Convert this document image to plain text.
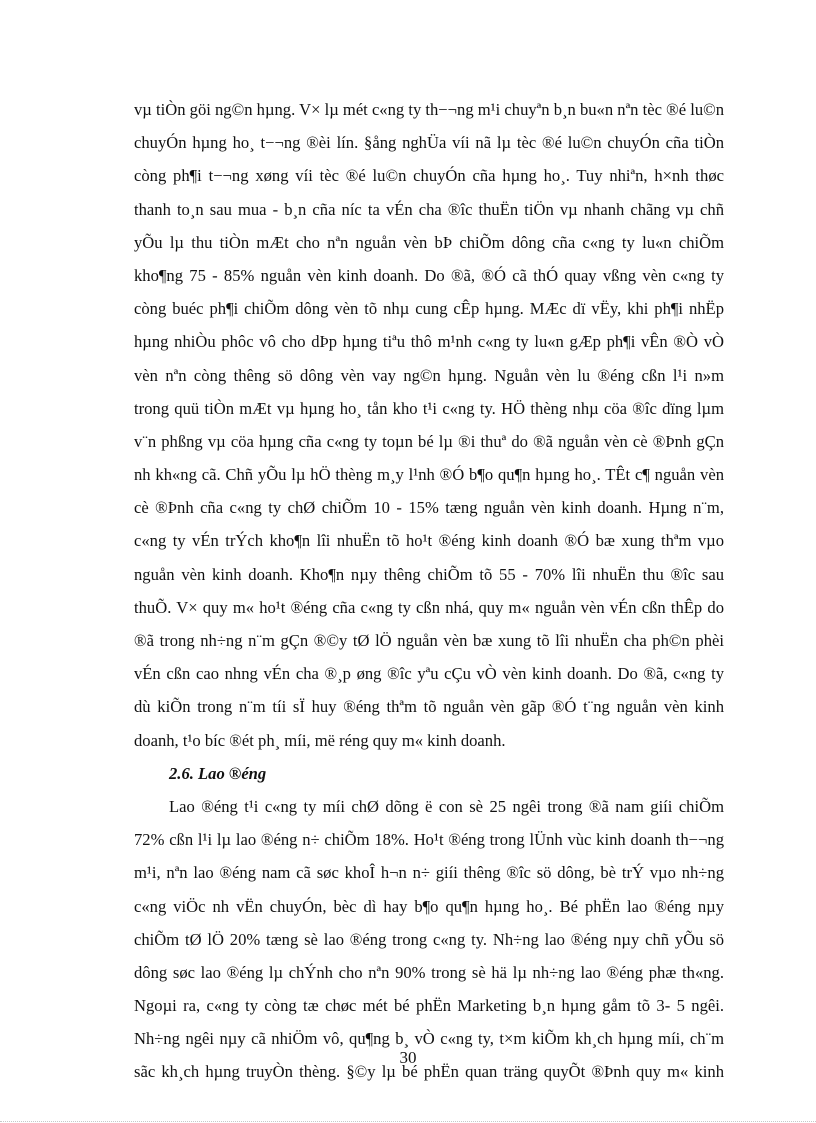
vµ tiÒn göi ng©n hµng. V× lµ mét c«ng ty th−¬ng m¹i chuyªn b¸n bu«n nªn tèc ®é lu©n
chuyÓn hµng ho¸ t−¬ng ®èi lín. §ång nghÜa víi nã lµ tèc ®é lu©n chuyÓn cña tiÒn
còng ph¶i t−¬ng xøng víi tèc ®é lu©n chuyÓn cña hµng ho¸. Tuy nhiªn, h×nh thøc
thanh to¸n sau mua - b¸n cña níc ta vÉn cha ®îc thuËn tiÖn vµ nhanh chãng vµ chñ
yÕu lµ thu tiÒn mÆt cho nªn nguån vèn bÞ chiÕm dông cña c«ng ty lu«n chiÕm
kho¶ng 75 - 85% nguån vèn kinh doanh. Do ®ã, ®Ó cã thÓ quay vßng vèn c«ng ty
còng buéc ph¶i chiÕm dông vèn tõ nhµ cung cÊp hµng. MÆc dï vËy, khi ph¶i nhËp
hµng nhiÒu phôc vô cho dÞp hµng tiªu thô m¹nh c«ng ty lu«n gÆp ph¶i vÊn ®Ò vÒ
vèn nªn còng thêng sö dông vèn vay ng©n hµng. Nguån vèn lu ®éng cßn l¹i n»m
trong quü tiÒn mÆt vµ hµng ho¸ tån kho t¹i c«ng ty. HÖ thèng nhµ cöa ®îc dïng lµm
v¨n phßng vµ cöa hµng cña c«ng ty toµn bé lµ ®i thuª do ®ã nguån vèn cè ®Þnh gÇn
nh kh«ng cã. Chñ yÕu lµ hÖ thèng m¸y l¹nh ®Ó b¶o qu¶n hµng ho¸. TÊt c¶ nguån vèn
cè ®Þnh cña c«ng ty chØ chiÕm 10 - 15% tæng nguån vèn kinh doanh. Hµng n¨m,
c«ng ty vÉn trÝch kho¶n lîi nhuËn tõ ho¹t ®éng kinh doanh ®Ó bæ xung thªm vµo
nguån vèn kinh doanh. Kho¶n nµy thêng chiÕm tõ 55 - 70% lîi nhuËn thu ®îc sau
thuÕ. V× quy m« ho¹t ®éng cña c«ng ty cßn nhá, quy m« nguån vèn vÉn cßn thÊp do
®ã trong nh÷ng n¨m gÇn ®©y tØ lÖ nguån vèn bæ xung tõ lîi nhuËn cha ph©n phèi
vÉn cßn cao nhng vÉn cha ®¸p øng ®îc yªu cÇu vÒ vèn kinh doanh. Do ®ã, c«ng ty
dù kiÕn trong n¨m tíi sÏ huy ®éng thªm tõ nguån vèn gãp ®Ó t¨ng nguån vèn kinh
doanh, t¹o bíc ®ét ph¸ míi, më réng quy m« kinh doanh.
2.6. Lao ®éng
Lao ®éng t¹i c«ng ty míi chØ dõng ë con sè 25 ngêi trong ®ã nam giíi chiÕm
72% cßn l¹i lµ lao ®éng n÷ chiÕm 18%. Ho¹t ®éng trong lÜnh vùc kinh doanh th−¬ng
m¹i, nªn lao ®éng nam cã søc khoÎ h¬n n÷ giíi thêng ®îc sö dông, bè trÝ vµo nh÷ng
c«ng viÖc nh vËn chuyÓn, bèc dì hay b¶o qu¶n hµng ho¸. Bé phËn lao ®éng nµy
chiÕm tØ lÖ 20% tæng sè lao ®éng trong c«ng ty. Nh÷ng lao ®éng nµy chñ yÕu sö
dông søc lao ®éng lµ chÝnh cho nªn 90% trong sè hä lµ nh÷ng lao ®éng phæ th«ng.
Ngoµi ra, c«ng ty còng tæ chøc mét bé phËn Marketing b¸n hµng gåm tõ 3- 5 ngêi.
Nh÷ng ngêi nµy cã nhiÖm vô, qu¶ng b¸ vÒ c«ng ty, t×m kiÕm kh¸ch hµng míi, ch¨m
sãc kh¸ch hµng truyÒn thèng. §©y lµ bé phËn quan träng quyÕt ®Þnh quy m« kinh
30
